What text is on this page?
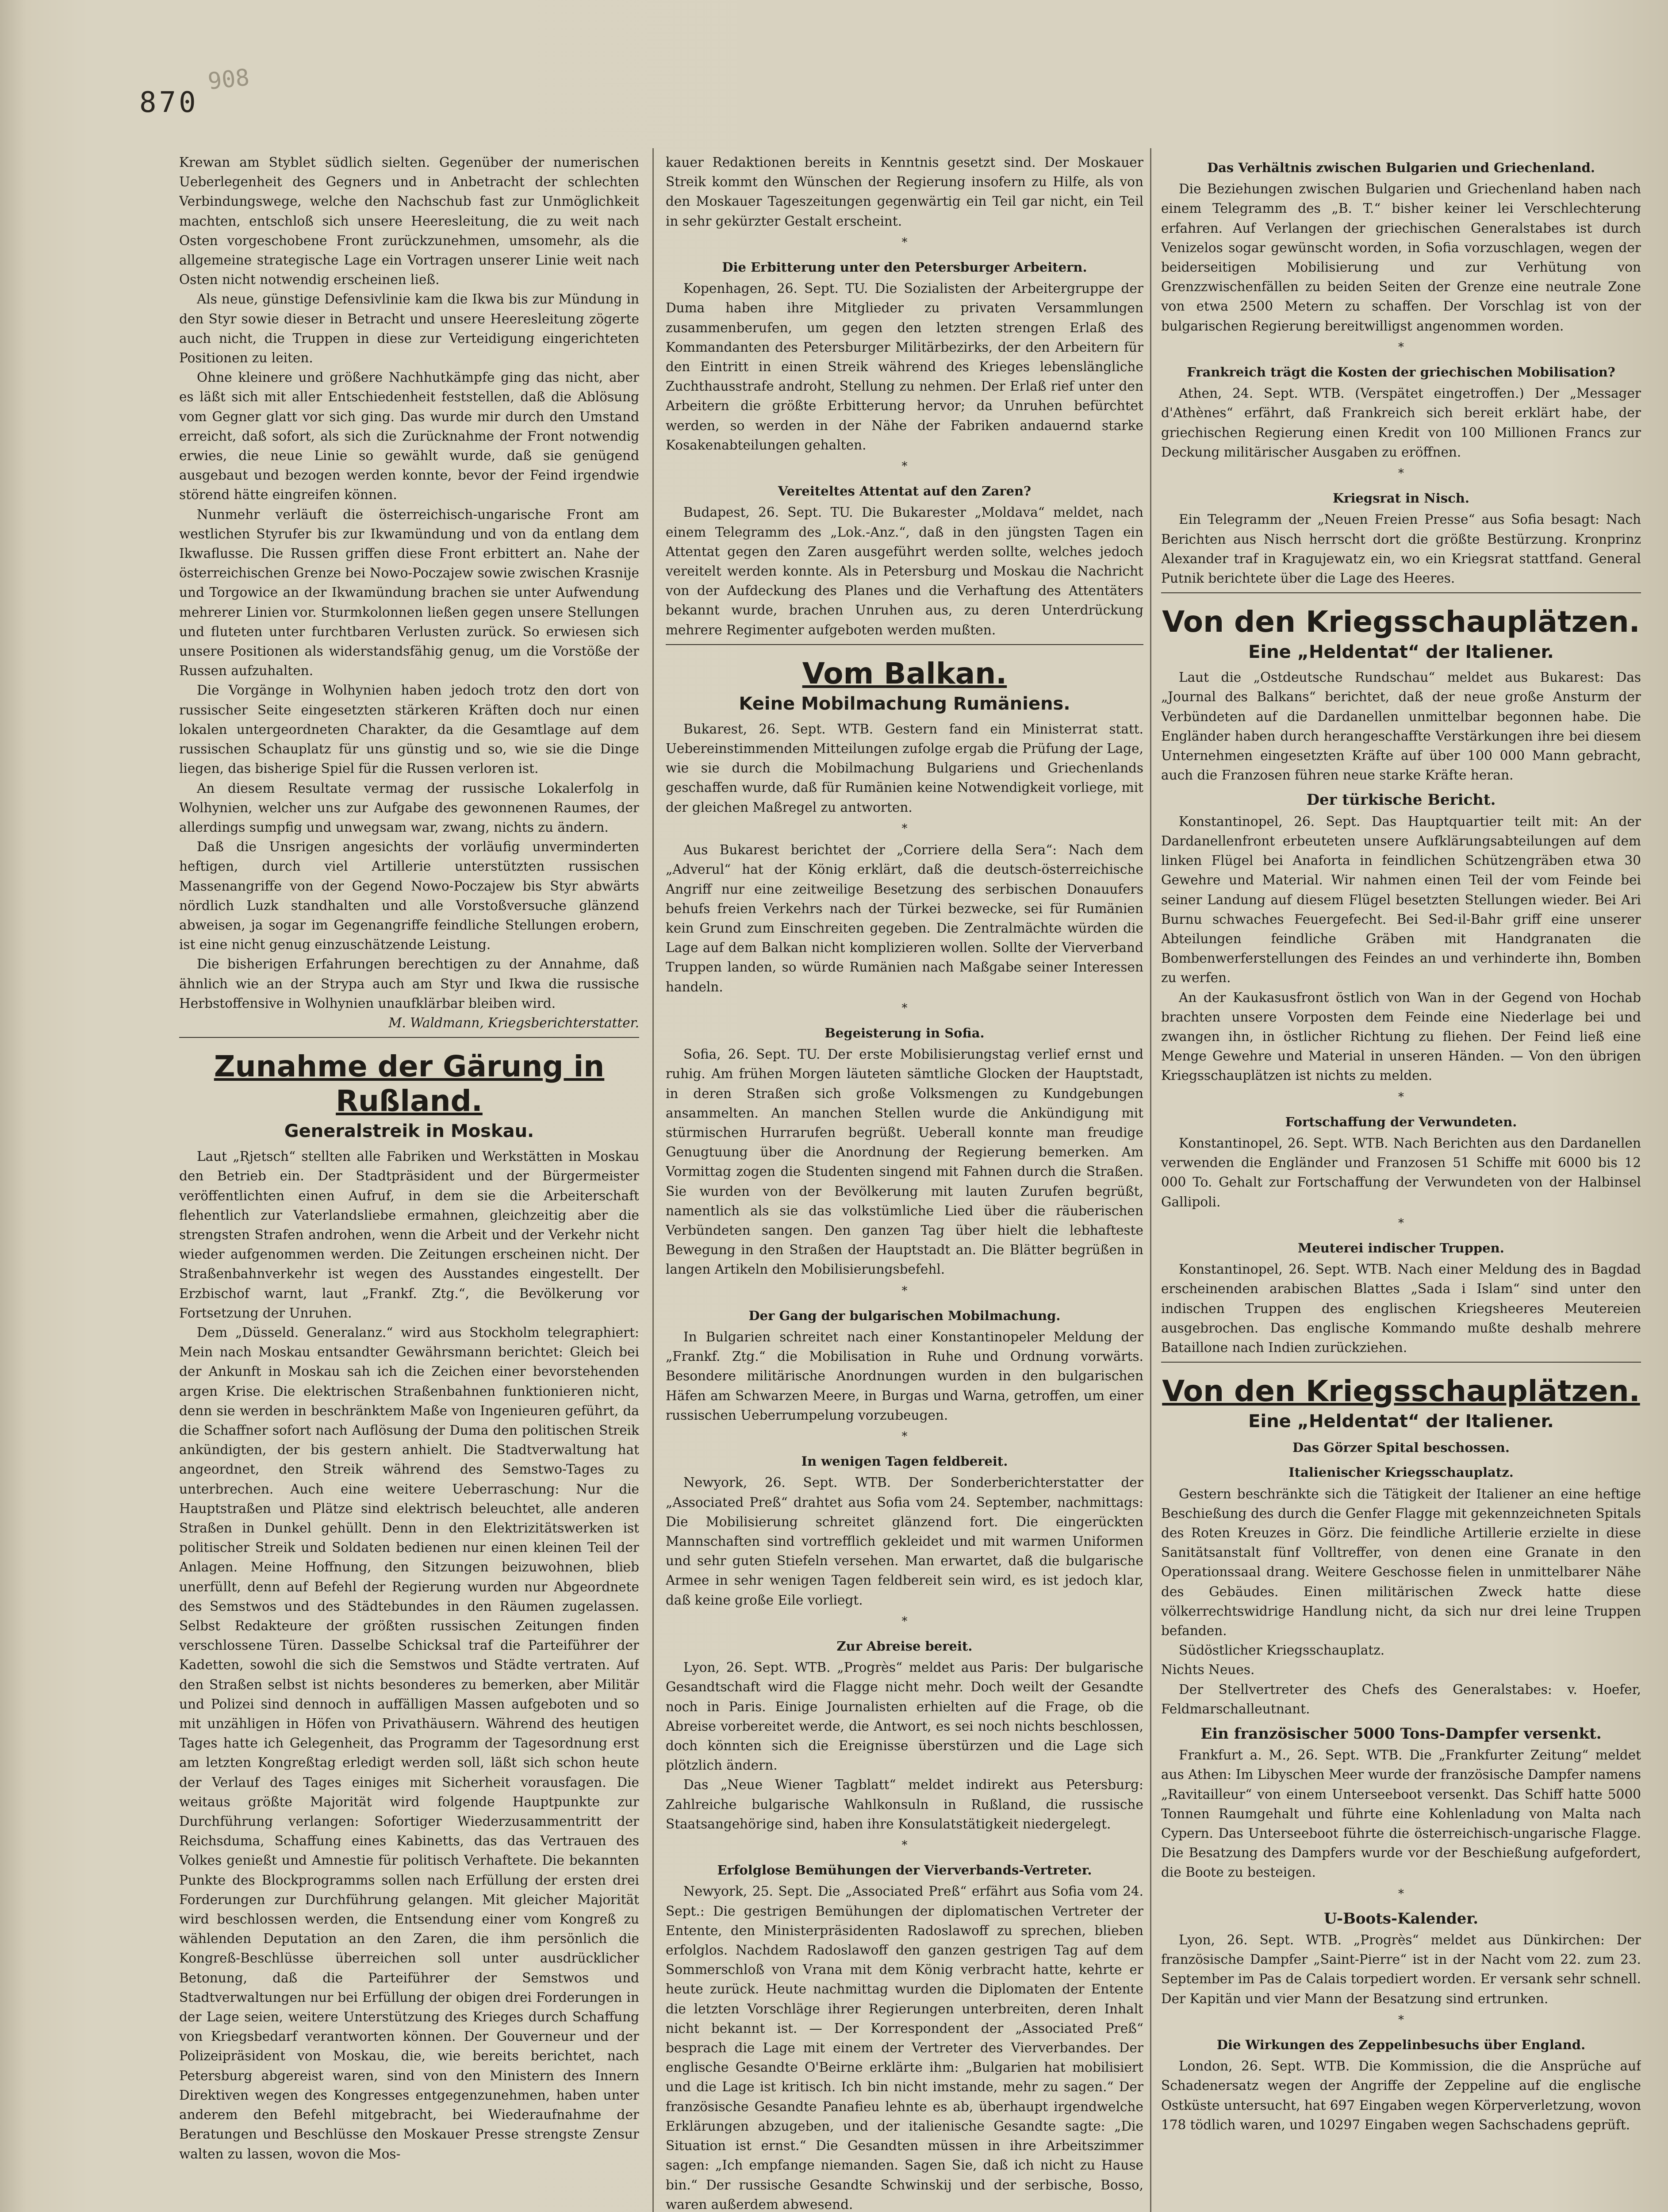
870
908

Krewan am Styblet südlich sielten. Gegenüber der numerischen Ueberlegenheit des Gegners und in Anbetracht der schlechten Verbindungswege, welche den Nachschub fast zur Unmöglichkeit machten, entschloß sich unsere Heeresleitung, die zu weit nach Osten vorgeschobene Front zurückzunehmen, umsomehr, als die allgemeine strategische Lage ein Vortragen unserer Linie weit nach Osten nicht notwendig erscheinen ließ.

Als neue, günstige Defensivlinie kam die Ikwa bis zur Mündung in den Styr sowie dieser in Betracht und unsere Heeresleitung zögerte auch nicht, die Truppen in diese zur Verteidigung eingerichteten Positionen zu leiten.

Ohne kleinere und größere Nachhutkämpfe ging das nicht, aber es läßt sich mit aller Entschiedenheit feststellen, daß die Ablösung vom Gegner glatt vor sich ging. Das wurde mir durch den Umstand erreicht, daß sofort, als sich die Zurücknahme der Front notwendig erwies, die neue Linie so gewählt wurde, daß sie genügend ausgebaut und bezogen werden konnte, bevor der Feind irgendwie störend hätte eingreifen können.

Nunmehr verläuft die österreichisch-ungarische Front am westlichen Styrufer bis zur Ikwamündung und von da entlang dem Ikwaflusse. Die Russen griffen diese Front erbittert an. Nahe der österreichischen Grenze bei Nowo-Poczajew sowie zwischen Krasnije und Torgowice an der Ikwamündung brachen sie unter Aufwendung mehrerer Linien vor. Sturmkolonnen ließen gegen unsere Stellungen und fluteten unter furchtbaren Verlusten zurück. So erwiesen sich unsere Positionen als widerstandsfähig genug, um die Vorstöße der Russen aufzuhalten.

Die Vorgänge in Wolhynien haben jedoch trotz den dort von russischer Seite eingesetzten stärkeren Kräften doch nur einen lokalen untergeordneten Charakter, da die Gesamtlage auf dem russischen Schauplatz für uns günstig und so, wie sie die Dinge liegen, das bisherige Spiel für die Russen verloren ist.

An diesem Resultate vermag der russische Lokalerfolg in Wolhynien, welcher uns zur Aufgabe des gewonnenen Raumes, der allerdings sumpfig und unwegsam war, zwang, nichts zu ändern.

Daß die Unsrigen angesichts der vorläufig unverminderten heftigen, durch viel Artillerie unterstützten russischen Massenangriffe von der Gegend Nowo-Poczajew bis Styr abwärts nördlich Luzk standhalten und alle Vorstoßversuche glänzend abweisen, ja sogar im Gegenangriffe feindliche Stellungen erobern, ist eine nicht genug einzuschätzende Leistung.

Die bisherigen Erfahrungen berechtigen zu der Annahme, daß ähnlich wie an der Strypa auch am Styr und Ikwa die russische Herbstoffensive in Wolhynien unaufklärbar bleiben wird.

M. Waldmann, Kriegsberichterstatter.

Zunahme der Gärung in Rußland.
Generalstreik in Moskau.

Laut „Rjetsch“ stellten alle Fabriken und Werkstätten in Moskau den Betrieb ein. Der Stadtpräsident und der Bürgermeister veröffentlichten einen Aufruf, in dem sie die Arbeiterschaft flehentlich zur Vaterlandsliebe ermahnen, gleichzeitig aber die strengsten Strafen androhen, wenn die Arbeit und der Verkehr nicht wieder aufgenommen werden. Die Zeitungen erscheinen nicht. Der Straßenbahnverkehr ist wegen des Ausstandes eingestellt. Der Erzbischof warnt, laut „Frankf. Ztg.“, die Bevölkerung vor Fortsetzung der Unruhen.

Dem „Düsseld. Generalanz.“ wird aus Stockholm telegraphiert: Mein nach Moskau entsandter Gewährsmann berichtet: Gleich bei der Ankunft in Moskau sah ich die Zeichen einer bevorstehenden argen Krise. Die elektrischen Straßenbahnen funktionieren nicht, denn sie werden in beschränktem Maße von Ingenieuren geführt, da die Schaffner sofort nach Auflösung der Duma den politischen Streik ankündigten, der bis gestern anhielt. Die Stadtverwaltung hat angeordnet, den Streik während des Semstwo-Tages zu unterbrechen. Auch eine weitere Ueberraschung: Nur die Hauptstraßen und Plätze sind elektrisch beleuchtet, alle anderen Straßen in Dunkel gehüllt. Denn in den Elektrizitätswerken ist politischer Streik und Soldaten bedienen nur einen kleinen Teil der Anlagen. Meine Hoffnung, den Sitzungen beizuwohnen, blieb unerfüllt, denn auf Befehl der Regierung wurden nur Abgeordnete des Semstwos und des Städtebundes in den Räumen zugelassen. Selbst Redakteure der größten russischen Zeitungen finden verschlossene Türen. Dasselbe Schicksal traf die Parteiführer der Kadetten, sowohl die sich die Semstwos und Städte vertraten. Auf den Straßen selbst ist nichts besonderes zu bemerken, aber Militär und Polizei sind dennoch in auffälligen Massen aufgeboten und so mit unzähligen in Höfen von Privathäusern. Während des heutigen Tages hatte ich Gelegenheit, das Programm der Tagesordnung erst am letzten Kongreßtag erledigt werden soll, läßt sich schon heute der Verlauf des Tages einiges mit Sicherheit vorausfagen. Die weitaus größte Majorität wird folgende Hauptpunkte zur Durchführung verlangen: Sofortiger Wiederzusammentritt der Reichsduma, Schaffung eines Kabinetts, das das Vertrauen des Volkes genießt und Amnestie für politisch Verhaftete. Die bekannten Punkte des Blockprogramms sollen nach Erfüllung der ersten drei Forderungen zur Durchführung gelangen. Mit gleicher Majorität wird beschlossen werden, die Entsendung einer vom Kongreß zu wählenden Deputation an den Zaren, die ihm persönlich die Kongreß-Beschlüsse überreichen soll unter ausdrücklicher Betonung, daß die Parteiführer der Semstwos und Stadtverwaltungen nur bei Erfüllung der obigen drei Forderungen in der Lage seien, weitere Unterstützung des Krieges durch Schaffung von Kriegsbedarf verantworten können. Der Gouverneur und der Polizeipräsident von Moskau, die, wie bereits berichtet, nach Petersburg abgereist waren, sind von den Ministern des Innern Direktiven wegen des Kongresses entgegenzunehmen, haben unter anderem den Befehl mitgebracht, bei Wiederaufnahme der Beratungen und Beschlüsse den Moskauer Presse strengste Zensur walten zu lassen, wovon die Mos-

kauer Redaktionen bereits in Kenntnis gesetzt sind. Der Moskauer Streik kommt den Wünschen der Regierung insofern zu Hilfe, als von den Moskauer Tageszeitungen gegenwärtig ein Teil gar nicht, ein Teil in sehr gekürzter Gestalt erscheint.

*
Die Erbitterung unter den Petersburger Arbeitern.

Kopenhagen, 26. Sept. TU. Die Sozialisten der Arbeitergruppe der Duma haben ihre Mitglieder zu privaten Versammlungen zusammenberufen, um gegen den letzten strengen Erlaß des Kommandanten des Petersburger Militärbezirks, der den Arbeitern für den Eintritt in einen Streik während des Krieges lebenslängliche Zuchthausstrafe androht, Stellung zu nehmen. Der Erlaß rief unter den Arbeitern die größte Erbitterung hervor; da Unruhen befürchtet werden, so werden in der Nähe der Fabriken andauernd starke Kosakenabteilungen gehalten.

*
Vereiteltes Attentat auf den Zaren?

Budapest, 26. Sept. TU. Die Bukarester „Moldava“ meldet, nach einem Telegramm des „Lok.-Anz.“, daß in den jüngsten Tagen ein Attentat gegen den Zaren ausgeführt werden sollte, welches jedoch vereitelt werden konnte. Als in Petersburg und Moskau die Nachricht von der Aufdeckung des Planes und die Verhaftung des Attentäters bekannt wurde, brachen Unruhen aus, zu deren Unterdrückung mehrere Regimenter aufgeboten werden mußten.

Vom Balkan.
Keine Mobilmachung Rumäniens.

Bukarest, 26. Sept. WTB. Gestern fand ein Ministerrat statt. Uebereinstimmenden Mitteilungen zufolge ergab die Prüfung der Lage, wie sie durch die Mobilmachung Bulgariens und Griechenlands geschaffen wurde, daß für Rumänien keine Notwendigkeit vorliege, mit der gleichen Maßregel zu antworten.

*

Aus Bukarest berichtet der „Corriere della Sera“: Nach dem „Adverul“ hat der König erklärt, daß die deutsch-österreichische Angriff nur eine zeitweilige Besetzung des serbischen Donauufers behufs freien Verkehrs nach der Türkei bezwecke, sei für Rumänien kein Grund zum Einschreiten gegeben. Die Zentralmächte würden die Lage auf dem Balkan nicht komplizieren wollen. Sollte der Vierverband Truppen landen, so würde Rumänien nach Maßgabe seiner Interessen handeln.

*
Begeisterung in Sofia.

Sofia, 26. Sept. TU. Der erste Mobilisierungstag verlief ernst und ruhig. Am frühen Morgen läuteten sämtliche Glocken der Hauptstadt, in deren Straßen sich große Volksmengen zu Kundgebungen ansammelten. An manchen Stellen wurde die Ankündigung mit stürmischen Hurrarufen begrüßt. Ueberall konnte man freudige Genugtuung über die Anordnung der Regierung bemerken. Am Vormittag zogen die Studenten singend mit Fahnen durch die Straßen. Sie wurden von der Bevölkerung mit lauten Zurufen begrüßt, namentlich als sie das volkstümliche Lied über die räuberischen Verbündeten sangen. Den ganzen Tag über hielt die lebhafteste Bewegung in den Straßen der Hauptstadt an. Die Blätter begrüßen in langen Artikeln den Mobilisierungsbefehl.

*
Der Gang der bulgarischen Mobilmachung.

In Bulgarien schreitet nach einer Konstantinopeler Meldung der „Frankf. Ztg.“ die Mobilisation in Ruhe und Ordnung vorwärts. Besondere militärische Anordnungen wurden in den bulgarischen Häfen am Schwarzen Meere, in Burgas und Warna, getroffen, um einer russischen Ueberrumpelung vorzubeugen.

*
In wenigen Tagen feldbereit.

Newyork, 26. Sept. WTB. Der Sonderberichterstatter der „Associated Preß“ drahtet aus Sofia vom 24. September, nachmittags: Die Mobilisierung schreitet glänzend fort. Die eingerückten Mannschaften sind vortrefflich gekleidet und mit warmen Uniformen und sehr guten Stiefeln versehen. Man erwartet, daß die bulgarische Armee in sehr wenigen Tagen feldbereit sein wird, es ist jedoch klar, daß keine große Eile vorliegt.

*
Zur Abreise bereit.

Lyon, 26. Sept. WTB. „Progrès“ meldet aus Paris: Der bulgarische Gesandtschaft wird die Flagge nicht mehr. Doch weilt der Gesandte noch in Paris. Einige Journalisten erhielten auf die Frage, ob die Abreise vorbereitet werde, die Antwort, es sei noch nichts beschlossen, doch könnten sich die Ereignisse überstürzen und die Lage sich plötzlich ändern.

Das „Neue Wiener Tagblatt“ meldet indirekt aus Petersburg: Zahlreiche bulgarische Wahlkonsuln in Rußland, die russische Staatsangehörige sind, haben ihre Konsulatstätigkeit niedergelegt.

*
Erfolglose Bemühungen der Vierverbands-Vertreter.

Newyork, 25. Sept. Die „Associated Preß“ erfährt aus Sofia vom 24. Sept.: Die gestrigen Bemühungen der diplomatischen Vertreter der Entente, den Ministerpräsidenten Radoslawoff zu sprechen, blieben erfolglos. Nachdem Radoslawoff den ganzen gestrigen Tag auf dem Sommerschloß von Vrana mit dem König verbracht hatte, kehrte er heute zurück. Heute nachmittag wurden die Diplomaten der Entente die letzten Vorschläge ihrer Regierungen unterbreiten, deren Inhalt nicht bekannt ist. — Der Korrespondent der „Associated Preß“ besprach die Lage mit einem der Vertreter des Vierverbandes. Der englische Gesandte O'Beirne erklärte ihm: „Bulgarien hat mobilisiert und die Lage ist kritisch. Ich bin nicht imstande, mehr zu sagen.“ Der französische Gesandte Panafieu lehnte es ab, überhaupt irgendwelche Erklärungen abzugeben, und der italienische Gesandte sagte: „Die Situation ist ernst.“ Die Gesandten müssen in ihre Arbeitszimmer sagen: „Ich empfange niemanden. Sagen Sie, daß ich nicht zu Hause bin.“ Der russische Gesandte Schwinskij und der serbische, Bosso, waren außerdem abwesend.

Das Verhältnis zwischen Bulgarien und Griechenland.

Die Beziehungen zwischen Bulgarien und Griechenland haben nach einem Telegramm des „B. T.“ bisher keiner lei Verschlechterung erfahren. Auf Verlangen der griechischen Generalstabes ist durch Venizelos sogar gewünscht worden, in Sofia vorzuschlagen, wegen der beiderseitigen Mobilisierung und zur Verhütung von Grenzzwischenfällen zu beiden Seiten der Grenze eine neutrale Zone von etwa 2500 Metern zu schaffen. Der Vorschlag ist von der bulgarischen Regierung bereitwilligst angenommen worden.

*
Frankreich trägt die Kosten der griechischen Mobilisation?

Athen, 24. Sept. WTB. (Verspätet eingetroffen.) Der „Messager d'Athènes“ erfährt, daß Frankreich sich bereit erklärt habe, der griechischen Regierung einen Kredit von 100 Millionen Francs zur Deckung militärischer Ausgaben zu eröffnen.

*
Kriegsrat in Nisch.

Ein Telegramm der „Neuen Freien Presse“ aus Sofia besagt: Nach Berichten aus Nisch herrscht dort die größte Bestürzung. Kronprinz Alexander traf in Kragujewatz ein, wo ein Kriegsrat stattfand. General Putnik berichtete über die Lage des Heeres.

Von den Kriegsschauplätzen.
Eine „Heldentat“ der Italiener.

Laut die „Ostdeutsche Rundschau“ meldet aus Bukarest: Das „Journal des Balkans“ berichtet, daß der neue große Ansturm der Verbündeten auf die Dardanellen unmittelbar begonnen habe. Die Engländer haben durch herangeschaffte Verstärkungen ihre bei diesem Unternehmen eingesetzten Kräfte auf über 100 000 Mann gebracht, auch die Franzosen führen neue starke Kräfte heran.

Der türkische Bericht.

Konstantinopel, 26. Sept. Das Hauptquartier teilt mit: An der Dardanellenfront erbeuteten unsere Aufklärungsabteilungen auf dem linken Flügel bei Anaforta in feindlichen Schützengräben etwa 30 Gewehre und Material. Wir nahmen einen Teil der vom Feinde bei seiner Landung auf diesem Flügel besetzten Stellungen wieder. Bei Ari Burnu schwaches Feuergefecht. Bei Sed-il-Bahr griff eine unserer Abteilungen feindliche Gräben mit Handgranaten die Bombenwerferstellungen des Feindes an und verhinderte ihn, Bomben zu werfen.

An der Kaukasusfront östlich von Wan in der Gegend von Hochab brachten unsere Vorposten dem Feinde eine Niederlage bei und zwangen ihn, in östlicher Richtung zu fliehen. Der Feind ließ eine Menge Gewehre und Material in unseren Händen. — Von den übrigen Kriegsschauplätzen ist nichts zu melden.

*
Fortschaffung der Verwundeten.

Konstantinopel, 26. Sept. WTB. Nach Berichten aus den Dardanellen verwenden die Engländer und Franzosen 51 Schiffe mit 6000 bis 12 000 To. Gehalt zur Fortschaffung der Verwundeten von der Halbinsel Gallipoli.

*
Meuterei indischer Truppen.

Konstantinopel, 26. Sept. WTB. Nach einer Meldung des in Bagdad erscheinenden arabischen Blattes „Sada i Islam“ sind unter den indischen Truppen des englischen Kriegsheeres Meutereien ausgebrochen. Das englische Kommando mußte deshalb mehrere Bataillone nach Indien zurückziehen.

Von den Kriegsschauplätzen.
Eine „Heldentat“ der Italiener.
Das Görzer Spital beschossen.
Italienischer Kriegsschauplatz.

Gestern beschränkte sich die Tätigkeit der Italiener an eine heftige Beschießung des durch die Genfer Flagge mit gekennzeichneten Spitals des Roten Kreuzes in Görz. Die feindliche Artillerie erzielte in diese Sanitätsanstalt fünf Volltreffer, von denen eine Granate in den Operationssaal drang. Weitere Geschosse fielen in unmittelbarer Nähe des Gebäudes. Einen militärischen Zweck hatte diese völkerrechtswidrige Handlung nicht, da sich nur drei leine Truppen befanden.

Südöstlicher Kriegsschauplatz.

Nichts Neues.

Der Stellvertreter des Chefs des Generalstabes: v. Hoefer, Feldmarschalleutnant.

Ein französischer 5000 Tons-Dampfer versenkt.

Frankfurt a. M., 26. Sept. WTB. Die „Frankfurter Zeitung“ meldet aus Athen: Im Libyschen Meer wurde der französische Dampfer namens „Ravitailleur“ von einem Unterseeboot versenkt. Das Schiff hatte 5000 Tonnen Raumgehalt und führte eine Kohlenladung von Malta nach Cypern. Das Unterseeboot führte die österreichisch-ungarische Flagge. Die Besatzung des Dampfers wurde vor der Beschießung aufgefordert, die Boote zu besteigen.

*
U-Boots-Kalender.

Lyon, 26. Sept. WTB. „Progrès“ meldet aus Dünkirchen: Der französische Dampfer „Saint-Pierre“ ist in der Nacht vom 22. zum 23. September im Pas de Calais torpediert worden. Er versank sehr schnell. Der Kapitän und vier Mann der Besatzung sind ertrunken.

*
Die Wirkungen des Zeppelinbesuchs über England.

London, 26. Sept. WTB. Die Kommission, die die Ansprüche auf Schadenersatz wegen der Angriffe der Zeppeline auf die englische Ostküste untersucht, hat 697 Eingaben wegen Körperverletzung, wovon 178 tödlich waren, und 10297 Eingaben wegen Sachschadens geprüft.
